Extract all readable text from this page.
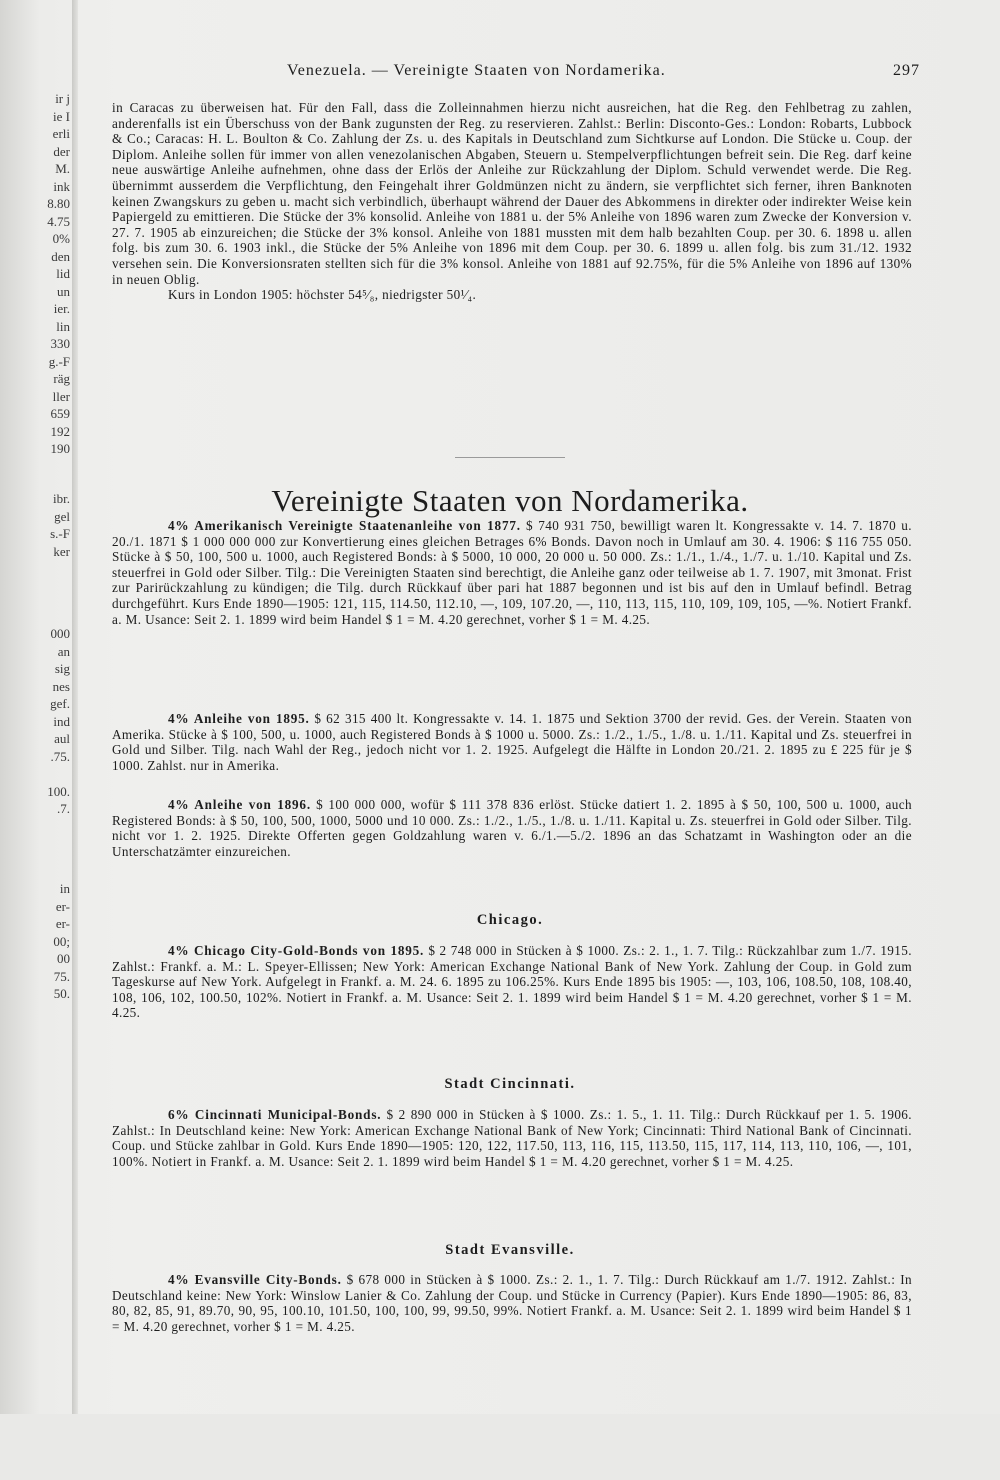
ir j
ie I
erli
der
M.
ink
8.80
4.75
0%
den
lid
un
ier.
lin
330
g.-F
räg
ller
659
192
190
ibr.
gel
s.-F
ker
000
an
sig
nes
gef.
ind
aul
.75.
100.
.7.
in
er-
er-
00;
00
75.
50.
Venezuela. — Vereinigte Staaten von Nordamerika.	297
in Caracas zu überweisen hat. Für den Fall, dass die Zolleinnahmen hierzu nicht ausreichen, hat die Reg. den Fehlbetrag zu zahlen, anderenfalls ist ein Überschuss von der Bank zugunsten der Reg. zu reservieren. Zahlst.: Berlin: Disconto-Ges.: London: Robarts, Lubbock & Co.; Caracas: H. L. Boulton & Co. Zahlung der Zs. u. des Kapitals in Deutschland zum Sichtkurse auf London. Die Stücke u. Coup. der Diplom. Anleihe sollen für immer von allen venezolanischen Abgaben, Steuern u. Stempelverpflichtungen befreit sein. Die Reg. darf keine neue auswärtige Anleihe aufnehmen, ohne dass der Erlös der Anleihe zur Rückzahlung der Diplom. Schuld verwendet werde. Die Reg. übernimmt ausserdem die Verpflichtung, den Feingehalt ihrer Goldmünzen nicht zu ändern, sie verpflichtet sich ferner, ihren Banknoten keinen Zwangskurs zu geben u. macht sich verbindlich, überhaupt während der Dauer des Abkommens in direkter oder indirekter Weise kein Papiergeld zu emittieren. Die Stücke der 3% konsolid. Anleihe von 1881 u. der 5% Anleihe von 1896 waren zum Zwecke der Konversion v. 27. 7. 1905 ab einzureichen; die Stücke der 3% konsol. Anleihe von 1881 mussten mit dem halb bezahlten Coup. per 30. 6. 1898 u. allen folg. bis zum 30. 6. 1903 inkl., die Stücke der 5% Anleihe von 1896 mit dem Coup. per 30. 6. 1899 u. allen folg. bis zum 31./12. 1932 versehen sein. Die Konversionsraten stellten sich für die 3% konsol. Anleihe von 1881 auf 92.75%, für die 5% Anleihe von 1896 auf 130% in neuen Oblig.
Kurs in London 1905: höchster 54⁵⁄₈, niedrigster 50¹⁄₄.
Vereinigte Staaten von Nordamerika.
4% Amerikanisch Vereinigte Staatenanleihe von 1877. $ 740 931 750, bewilligt waren lt. Kongressakte v. 14. 7. 1870 u. 20./1. 1871 $ 1 000 000 000 zur Konvertierung eines gleichen Betrages 6% Bonds. Davon noch in Umlauf am 30. 4. 1906: $ 116 755 050. Stücke à $ 50, 100, 500 u. 1000, auch Registered Bonds: à $ 5000, 10 000, 20 000 u. 50 000. Zs.: 1./1., 1./4., 1./7. u. 1./10. Kapital und Zs. steuerfrei in Gold oder Silber. Tilg.: Die Vereinigten Staaten sind berechtigt, die Anleihe ganz oder teilweise ab 1. 7. 1907, mit 3monat. Frist zur Parirückzahlung zu kündigen; die Tilg. durch Rückkauf über pari hat 1887 begonnen und ist bis auf den in Umlauf befindl. Betrag durchgeführt. Kurs Ende 1890—1905: 121, 115, 114.50, 112.10, —, 109, 107.20, —, 110, 113, 115, 110, 109, 109, 105, —%. Notiert Frankf. a. M. Usance: Seit 2. 1. 1899 wird beim Handel $ 1 = M. 4.20 gerechnet, vorher $ 1 = M. 4.25.
4% Anleihe von 1895. $ 62 315 400 lt. Kongressakte v. 14. 1. 1875 und Sektion 3700 der revid. Ges. der Verein. Staaten von Amerika. Stücke à $ 100, 500, u. 1000, auch Registered Bonds à $ 1000 u. 5000. Zs.: 1./2., 1./5., 1./8. u. 1./11. Kapital und Zs. steuerfrei in Gold und Silber. Tilg. nach Wahl der Reg., jedoch nicht vor 1. 2. 1925. Aufgelegt die Hälfte in London 20./21. 2. 1895 zu £ 225 für je $ 1000. Zahlst. nur in Amerika.
4% Anleihe von 1896. $ 100 000 000, wofür $ 111 378 836 erlöst. Stücke datiert 1. 2. 1895 à $ 50, 100, 500 u. 1000, auch Registered Bonds: à $ 50, 100, 500, 1000, 5000 und 10 000. Zs.: 1./2., 1./5., 1./8. u. 1./11. Kapital u. Zs. steuerfrei in Gold oder Silber. Tilg. nicht vor 1. 2. 1925. Direkte Offerten gegen Goldzahlung waren v. 6./1.—5./2. 1896 an das Schatzamt in Washington oder an die Unterschatzämter einzureichen.
Chicago.
4% Chicago City-Gold-Bonds von 1895. $ 2 748 000 in Stücken à $ 1000. Zs.: 2. 1., 1. 7. Tilg.: Rückzahlbar zum 1./7. 1915. Zahlst.: Frankf. a. M.: L. Speyer-Ellissen; New York: American Exchange National Bank of New York. Zahlung der Coup. in Gold zum Tageskurse auf New York. Aufgelegt in Frankf. a. M. 24. 6. 1895 zu 106.25%. Kurs Ende 1895 bis 1905: —, 103, 106, 108.50, 108, 108.40, 108, 106, 102, 100.50, 102%. Notiert in Frankf. a. M. Usance: Seit 2. 1. 1899 wird beim Handel $ 1 = M. 4.20 gerechnet, vorher $ 1 = M. 4.25.
Stadt Cincinnati.
6% Cincinnati Municipal-Bonds. $ 2 890 000 in Stücken à $ 1000. Zs.: 1. 5., 1. 11. Tilg.: Durch Rückkauf per 1. 5. 1906. Zahlst.: In Deutschland keine: New York: American Exchange National Bank of New York; Cincinnati: Third National Bank of Cincinnati. Coup. und Stücke zahlbar in Gold. Kurs Ende 1890—1905: 120, 122, 117.50, 113, 116, 115, 113.50, 115, 117, 114, 113, 110, 106, —, 101, 100%. Notiert in Frankf. a. M. Usance: Seit 2. 1. 1899 wird beim Handel $ 1 = M. 4.20 gerechnet, vorher $ 1 = M. 4.25.
Stadt Evansville.
4% Evansville City-Bonds. $ 678 000 in Stücken à $ 1000. Zs.: 2. 1., 1. 7. Tilg.: Durch Rückkauf am 1./7. 1912. Zahlst.: In Deutschland keine: New York: Winslow Lanier & Co. Zahlung der Coup. und Stücke in Currency (Papier). Kurs Ende 1890—1905: 86, 83, 80, 82, 85, 91, 89.70, 90, 95, 100.10, 101.50, 100, 100, 99, 99.50, 99%. Notiert Frankf. a. M. Usance: Seit 2. 1. 1899 wird beim Handel $ 1 = M. 4.20 gerechnet, vorher $ 1 = M. 4.25.
